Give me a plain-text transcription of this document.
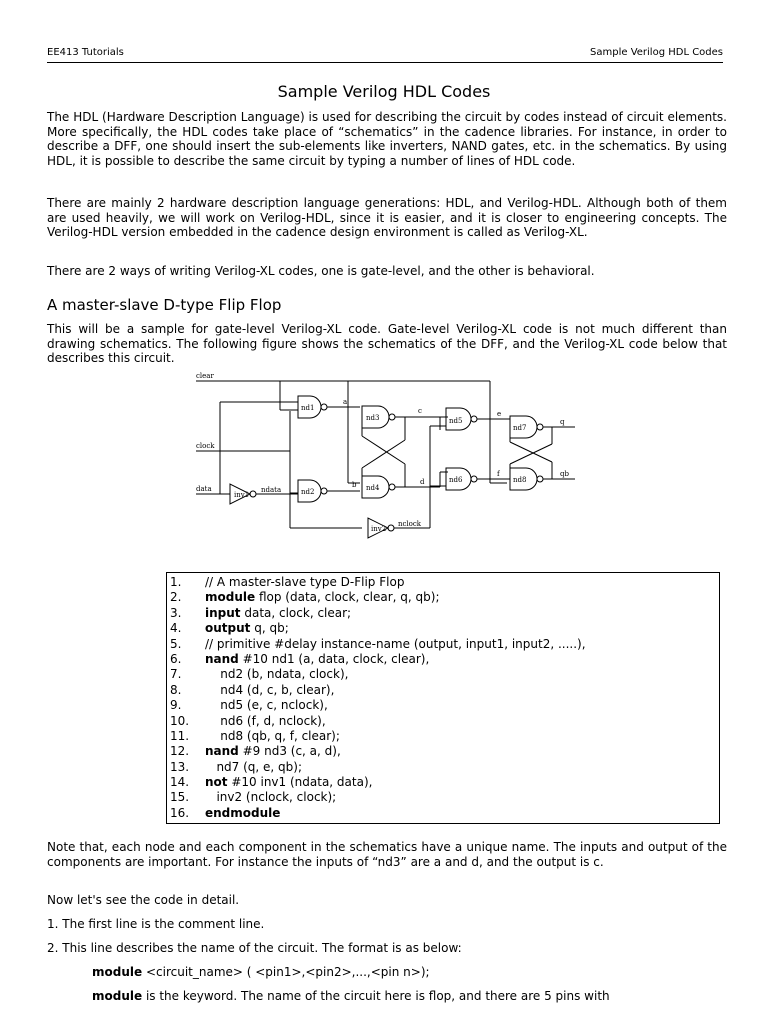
EE413 Tutorials	Sample Verilog HDL Codes
Sample Verilog HDL Codes

The HDL (Hardware Description Language) is used for describing the circuit by codes instead of circuit elements. More specifically, the HDL codes take place of “schematics” in the cadence libraries. For instance, in order to describe a DFF, one should insert the sub-elements like inverters, NAND gates, etc. in the schematics. By using HDL, it is possible to describe the same circuit by typing a number of lines of HDL code.

There are mainly 2 hardware description language generations: HDL, and Verilog-HDL. Although both of them are used heavily, we will work on Verilog-HDL, since it is easier, and it is closer to engineering concepts. The Verilog-HDL version embedded in the cadence design environment is called as Verilog-XL.

There are 2 ways of writing Verilog-XL codes, one is gate-level, and the other is behavioral.

A master-slave D-type Flip Flop

This will be a sample for gate-level Verilog-XL code. Gate-level Verilog-XL code is not much different than drawing schematics. The following figure shows the schematics of the DFF, and the Verilog-XL code below that describes this circuit.

clear
clock
data
inv1
ndata
nd1
a
nd2
b
nd3
c
nd4
d
nd5
nd6
inv2
nclock
e
f
nd7
nd8
q
qb
1. // A master-slave type D-Flip Flop
2. module flop (data, clock, clear, q, qb);
3. input data, clock, clear;
4. output q, qb;
5. // primitive #delay instance-name (output, input1, input2, .....),
6. nand #10 nd1 (a, data, clock, clear),
7.    nd2 (b, ndata, clock),
8.    nd4 (d, c, b, clear),
9.    nd5 (e, c, nclock),
10.    nd6 (f, d, nclock),
11.    nd8 (qb, q, f, clear);
12. nand #9 nd3 (c, a, d),
13.   nd7 (q, e, qb);
14. not #10 inv1 (ndata, data),
15.   inv2 (nclock, clock);
16. endmodule

Note that, each node and each component in the schematics have a unique name. The inputs and output of the components are important. For instance the inputs of “nd3” are a and d, and the output is c.

Now let's see the code in detail.

1. The first line is the comment line.

2. This line describes the name of the circuit. The format is as below:

module <circuit_name> ( <pin1>,<pin2>,...,<pin n>);
module is the keyword. The name of the circuit here is flop, and there are 5 pins with
